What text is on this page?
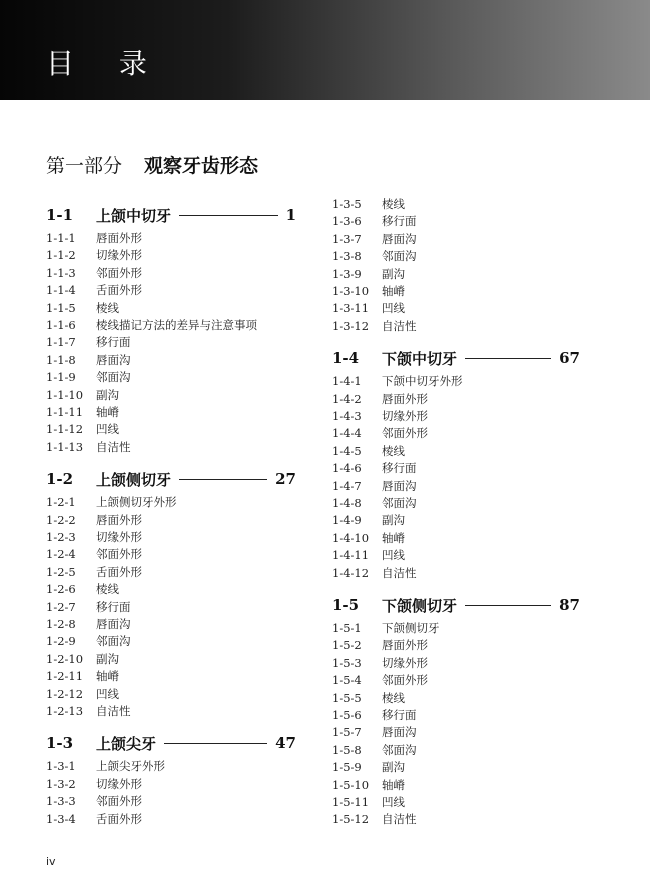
目 录
第一部分 观察牙齿形态
1-1	上颌中切牙	1
1-1-1 唇面外形
1-1-2 切缘外形
1-1-3 邻面外形
1-1-4 舌面外形
1-1-5 棱线
1-1-6 棱线描记方法的差异与注意事项
1-1-7 移行面
1-1-8 唇面沟
1-1-9 邻面沟
1-1-10 副沟
1-1-11 轴嵴
1-1-12 凹线
1-1-13 自洁性
1-2	上颌侧切牙	27
1-2-1 上颌侧切牙外形
1-2-2 唇面外形
1-2-3 切缘外形
1-2-4 邻面外形
1-2-5 舌面外形
1-2-6 棱线
1-2-7 移行面
1-2-8 唇面沟
1-2-9 邻面沟
1-2-10 副沟
1-2-11 轴嵴
1-2-12 凹线
1-2-13 自洁性
1-3	上颌尖牙	47
1-3-1 上颌尖牙外形
1-3-2 切缘外形
1-3-3 邻面外形
1-3-4 舌面外形
1-3-5 棱线
1-3-6 移行面
1-3-7 唇面沟
1-3-8 邻面沟
1-3-9 副沟
1-3-10 轴嵴
1-3-11 凹线
1-3-12 自洁性
1-4	下颌中切牙	67
1-4-1 下颌中切牙外形
1-4-2 唇面外形
1-4-3 切缘外形
1-4-4 邻面外形
1-4-5 棱线
1-4-6 移行面
1-4-7 唇面沟
1-4-8 邻面沟
1-4-9 副沟
1-4-10 轴嵴
1-4-11 凹线
1-4-12 自洁性
1-5	下颌侧切牙	87
1-5-1 下颌侧切牙
1-5-2 唇面外形
1-5-3 切缘外形
1-5-4 邻面外形
1-5-5 棱线
1-5-6 移行面
1-5-7 唇面沟
1-5-8 邻面沟
1-5-9 副沟
1-5-10 轴嵴
1-5-11 凹线
1-5-12 自洁性
iv
